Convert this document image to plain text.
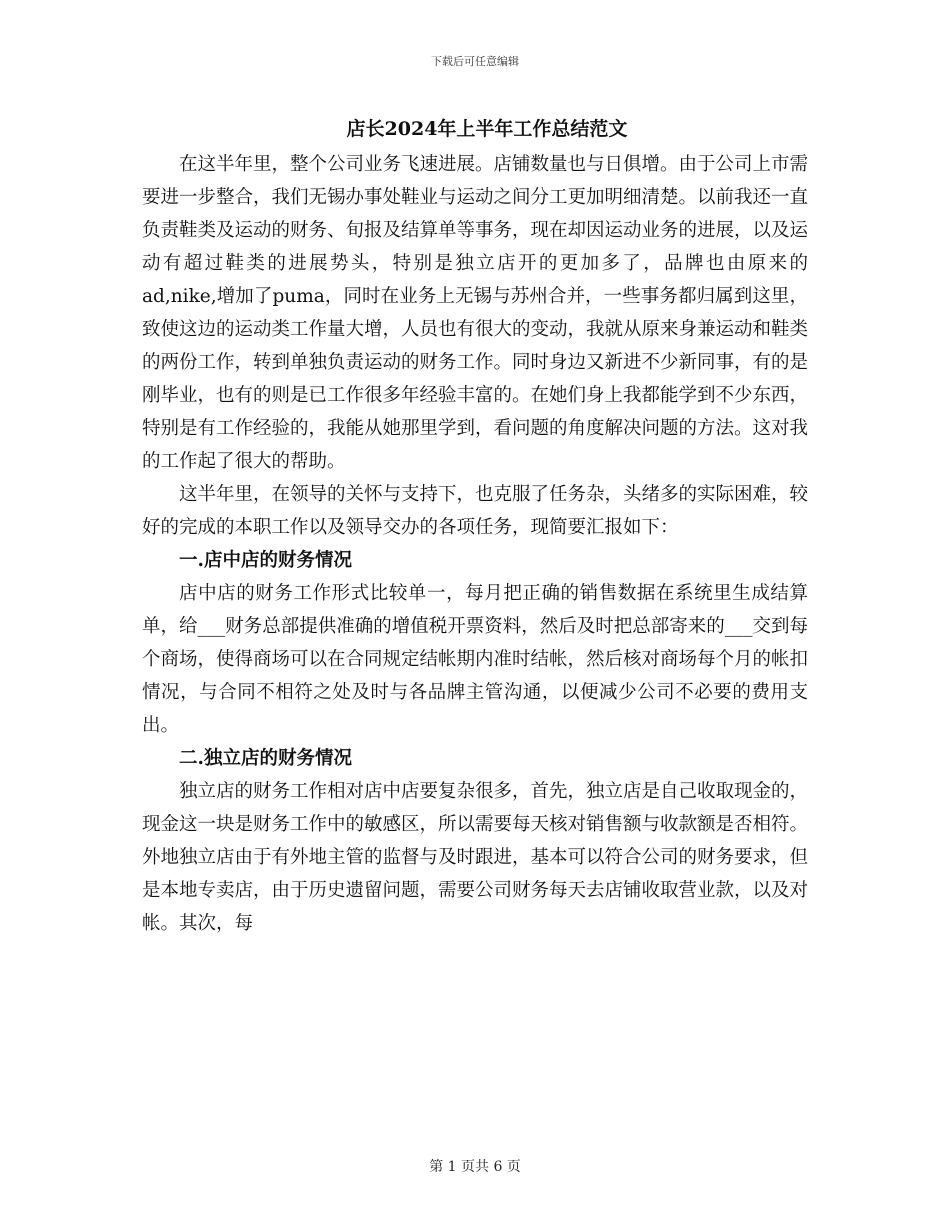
下载后可任意编辑
店长2024年上半年工作总结范文

在这半年里，整个公司业务飞速进展。店铺数量也与日俱增。由于公司上市需要进一步整合，我们无锡办事处鞋业与运动之间分工更加明细清楚。以前我还一直负责鞋类及运动的财务、旬报及结算单等事务，现在却因运动业务的进展，以及运动有超过鞋类的进展势头，特别是独立店开的更加多了，品牌也由原来的ad,nike,增加了puma，同时在业务上无锡与苏州合并，一些事务都归属到这里，致使这边的运动类工作量大增，人员也有很大的变动，我就从原来身兼运动和鞋类的两份工作，转到单独负责运动的财务工作。同时身边又新进不少新同事，有的是刚毕业，也有的则是已工作很多年经验丰富的。在她们身上我都能学到不少东西，特别是有工作经验的，我能从她那里学到，看问题的角度解决问题的方法。这对我的工作起了很大的帮助。

这半年里，在领导的关怀与支持下，也克服了任务杂，头绪多的实际困难，较好的完成的本职工作以及领导交办的各项任务，现简要汇报如下：

一.店中店的财务情况

店中店的财务工作形式比较单一，每月把正确的销售数据在系统里生成结算单，给___财务总部提供准确的增值税开票资料，然后及时把总部寄来的___交到每个商场，使得商场可以在合同规定结帐期内准时结帐，然后核对商场每个月的帐扣情况，与合同不相符之处及时与各品牌主管沟通，以便减少公司不必要的费用支出。

二.独立店的财务情况

独立店的财务工作相对店中店要复杂很多，首先，独立店是自己收取现金的，现金这一块是财务工作中的敏感区，所以需要每天核对销售额与收款额是否相符。外地独立店由于有外地主管的监督与及时跟进，基本可以符合公司的财务要求，但是本地专卖店，由于历史遗留问题，需要公司财务每天去店铺收取营业款，以及对帐。其次，每

第 1 页共 6 页
